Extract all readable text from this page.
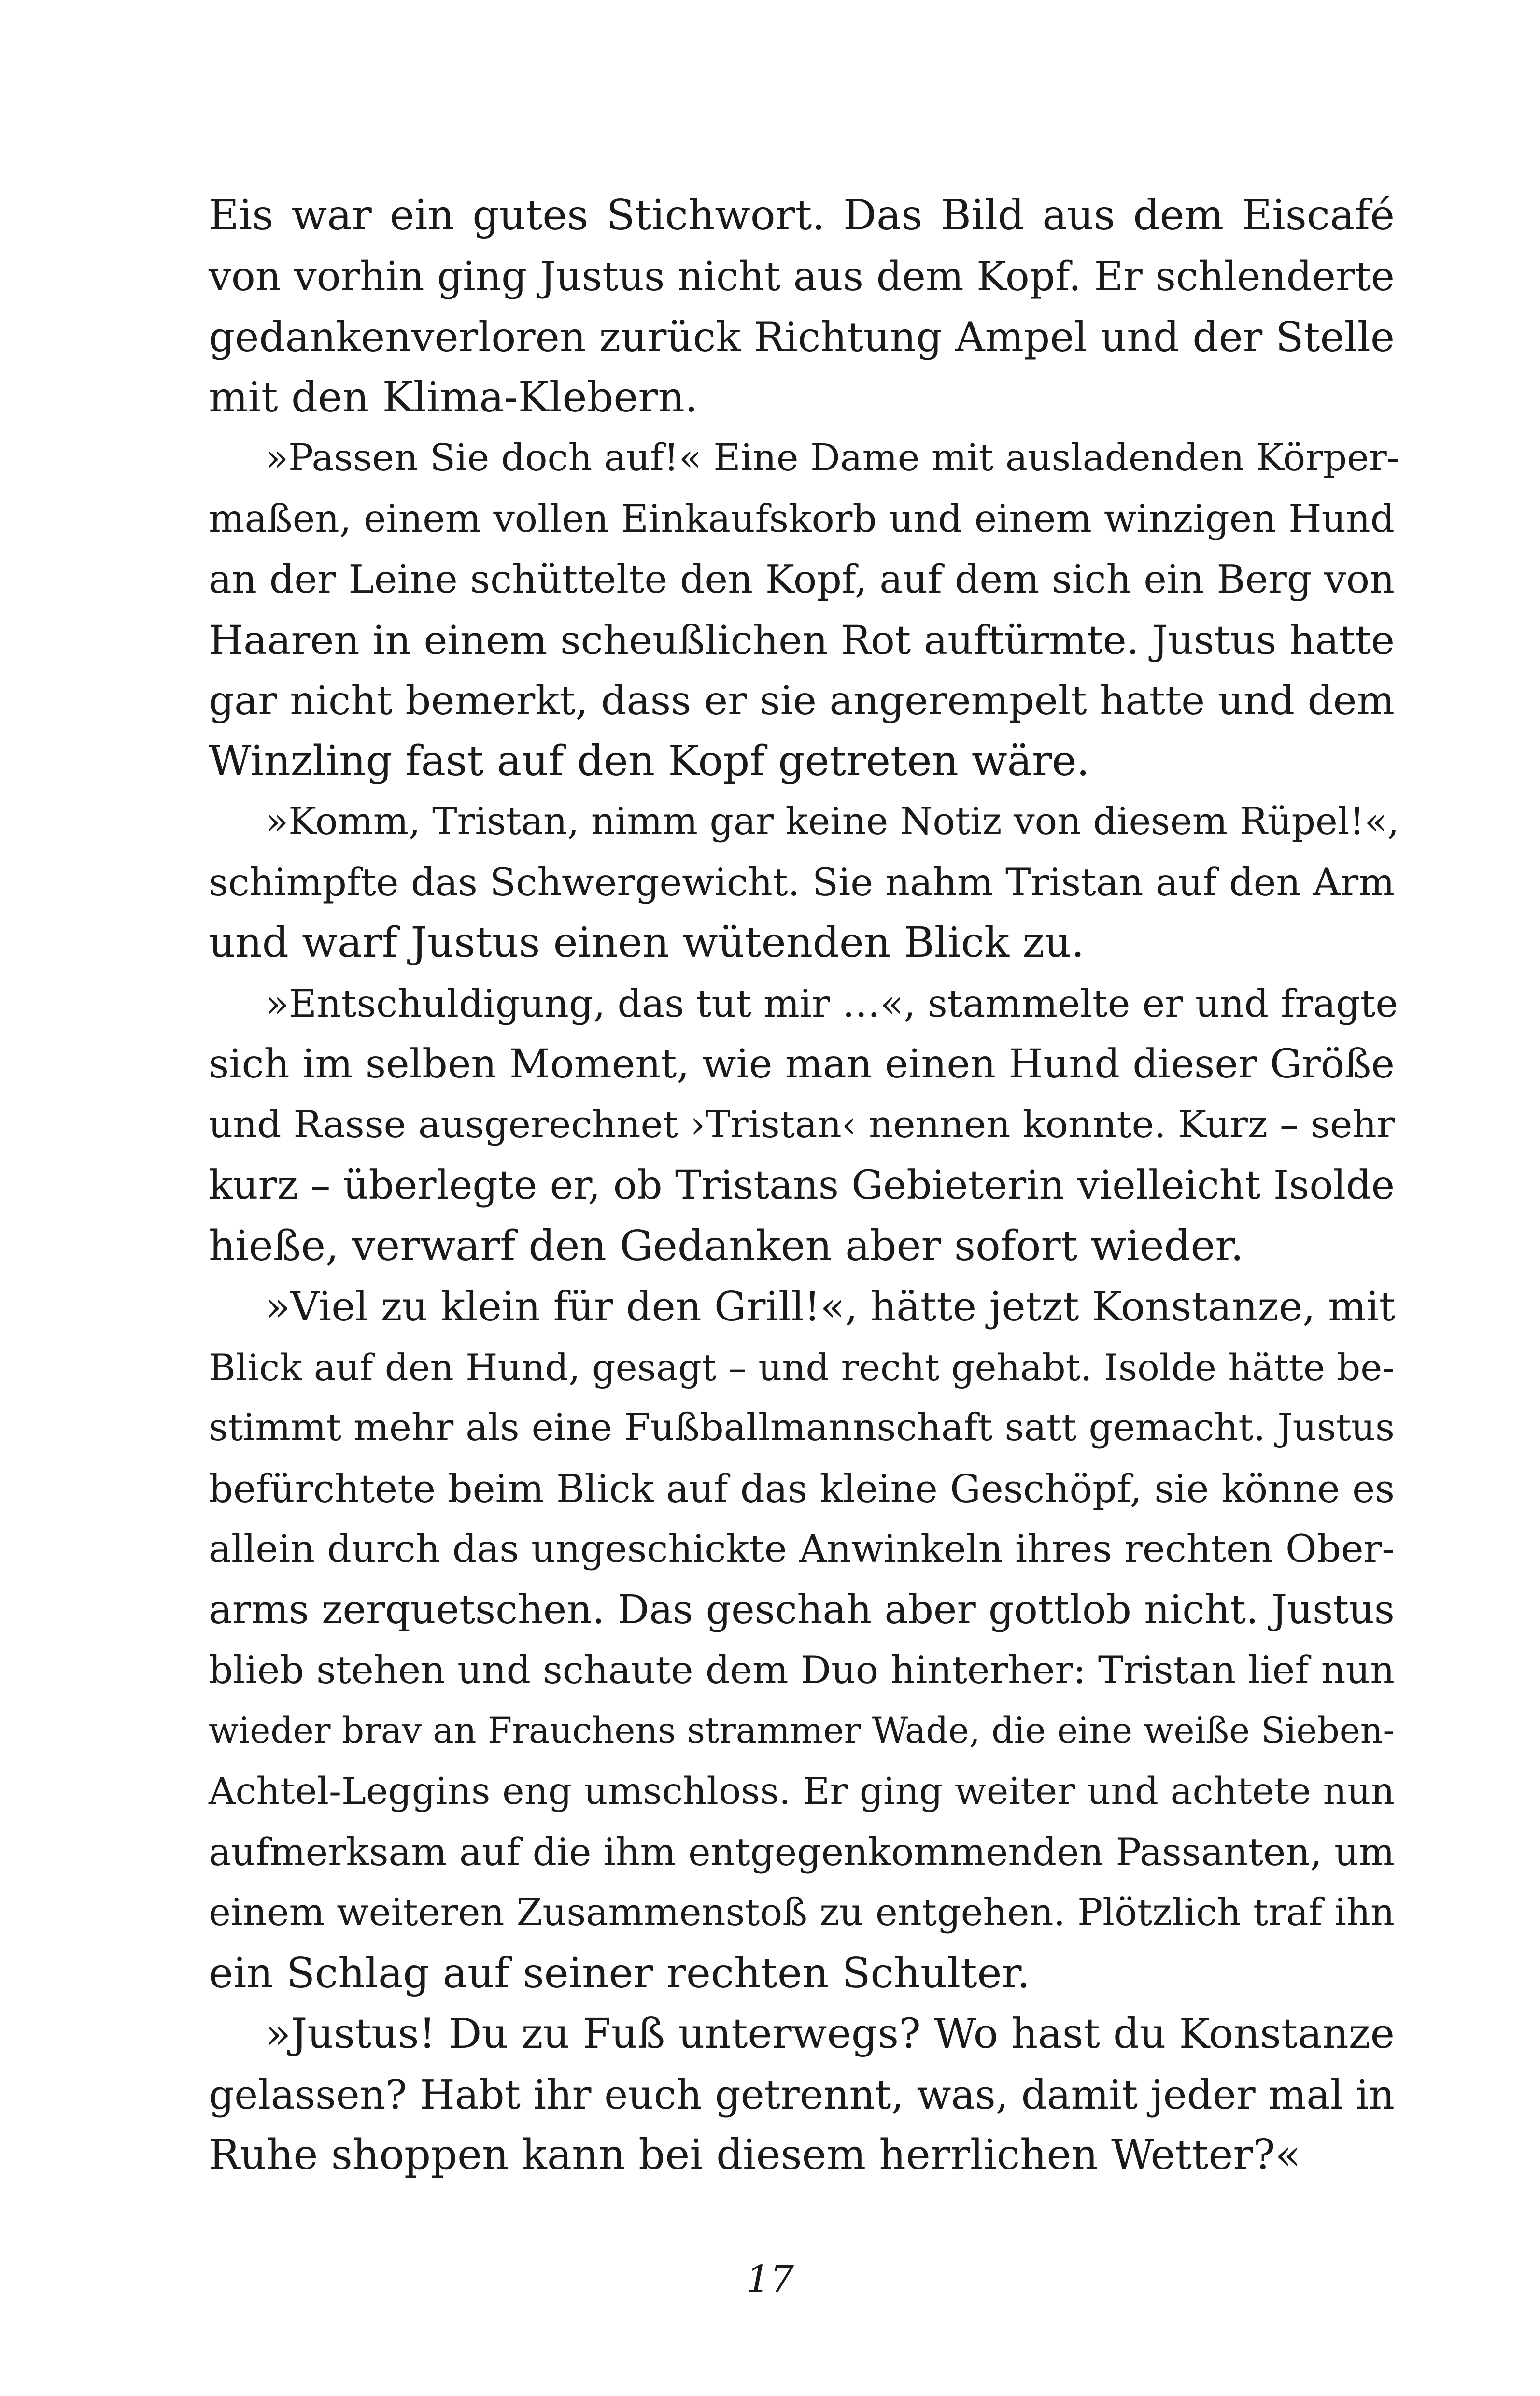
Eis war ein gutes Stichwort. Das Bild aus dem Eiscafé
von vorhin ging Justus nicht aus dem Kopf. Er schlenderte
gedankenverloren zurück Richtung Ampel und der Stelle
mit den Klima-Klebern.
»Passen Sie doch auf!« Eine Dame mit ausladenden Körper-
maßen, einem vollen Einkaufskorb und einem winzigen Hund
an der Leine schüttelte den Kopf, auf dem sich ein Berg von
Haaren in einem scheußlichen Rot auftürmte. Justus hatte
gar nicht bemerkt, dass er sie angerempelt hatte und dem
Winzling fast auf den Kopf getreten wäre.
»Komm, Tristan, nimm gar keine Notiz von diesem Rüpel!«,
schimpfte das Schwergewicht. Sie nahm Tristan auf den Arm
und warf Justus einen wütenden Blick zu.
»Entschuldigung, das tut mir …«, stammelte er und fragte
sich im selben Moment, wie man einen Hund dieser Größe
und Rasse ausgerechnet ›Tristan‹ nennen konnte. Kurz – sehr
kurz – überlegte er, ob Tristans Gebieterin vielleicht Isolde
hieße, verwarf den Gedanken aber sofort wieder.
»Viel zu klein für den Grill!«, hätte jetzt Konstanze, mit
Blick auf den Hund, gesagt – und recht gehabt. Isolde hätte be-
stimmt mehr als eine Fußballmannschaft satt gemacht. Justus
befürchtete beim Blick auf das kleine Geschöpf, sie könne es
allein durch das ungeschickte Anwinkeln ihres rechten Ober-
arms zerquetschen. Das geschah aber gottlob nicht. Justus
blieb stehen und schaute dem Duo hinterher: Tristan lief nun
wieder brav an Frauchens strammer Wade, die eine weiße Sieben-
Achtel-Leggins eng umschloss. Er ging weiter und achtete nun
aufmerksam auf die ihm entgegenkommenden Passanten, um
einem weiteren Zusammenstoß zu entgehen. Plötzlich traf ihn
ein Schlag auf seiner rechten Schulter.
»Justus! Du zu Fuß unterwegs? Wo hast du Konstanze
gelassen? Habt ihr euch getrennt, was, damit jeder mal in
Ruhe shoppen kann bei diesem herrlichen Wetter?«
17
